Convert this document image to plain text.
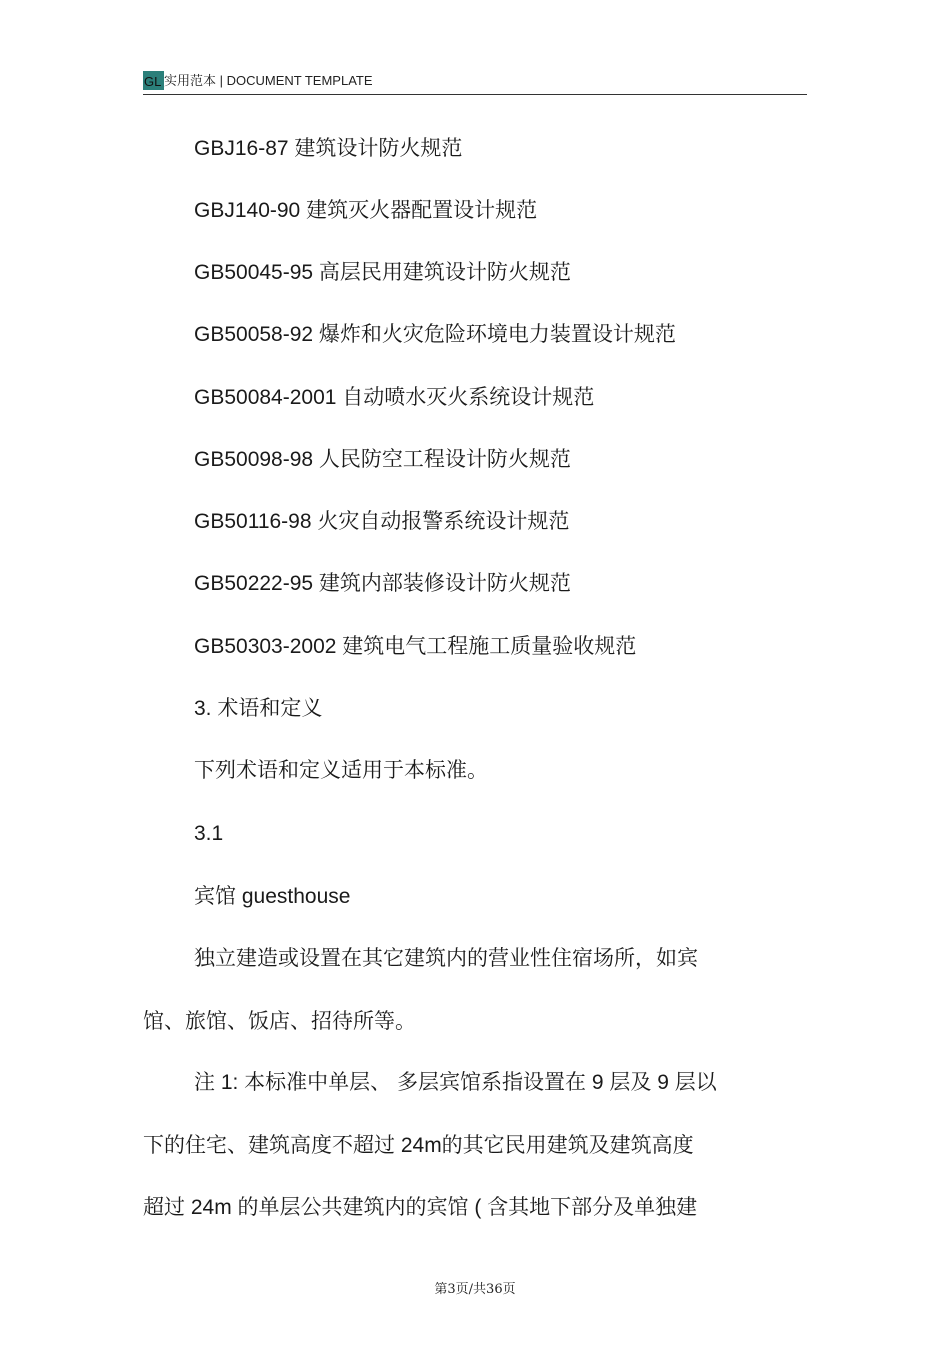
GL 实用范本 | DOCUMENT TEMPLATE
GBJ16-87 建筑设计防火规范
GBJ140-90 建筑灭火器配置设计规范
GB50045-95 高层民用建筑设计防火规范
GB50058-92 爆炸和火灾危险环境电力装置设计规范
GB50084-2001 自动喷水灭火系统设计规范
GB50098-98 人民防空工程设计防火规范
GB50116-98 火灾自动报警系统设计规范
GB50222-95 建筑内部装修设计防火规范
GB50303-2002 建筑电气工程施工质量验收规范
3. 术语和定义
下列术语和定义适用于本标准。
3.1
宾馆 guesthouse
独立建造或设置在其它建筑内的营业性住宿场所，如宾
馆、旅馆、饭店、招待所等。
注 1: 本标准中单层、 多层宾馆系指设置在 9 层及 9 层以
下的住宅、建筑高度不超过 24m的其它民用建筑及建筑高度
超过 24m 的单层公共建筑内的宾馆 ( 含其地下部分及单独建
第3页/共36页
